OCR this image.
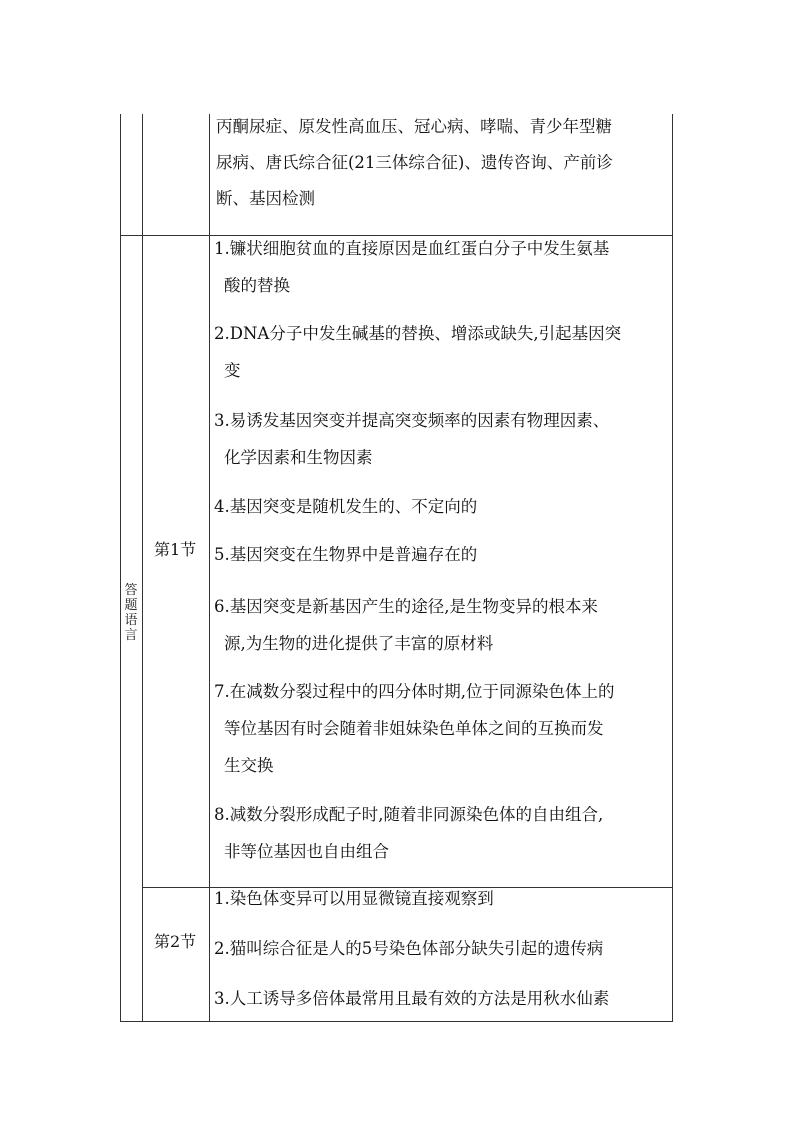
丙酮尿症、原发性高血压、冠心病、哮喘、青少年型糖
尿病、唐氏综合征(21三体综合征)、遗传咨询、产前诊
断、基因检测
答
题
语
言
第1节
1.镰状细胞贫血的直接原因是血红蛋白分子中发生氨基
酸的替换
2.DNA分子中发生碱基的替换、增添或缺失,引起基因突
变
3.易诱发基因突变并提高突变频率的因素有物理因素、
化学因素和生物因素
4.基因突变是随机发生的、不定向的
5.基因突变在生物界中是普遍存在的
6.基因突变是新基因产生的途径,是生物变异的根本来
源,为生物的进化提供了丰富的原材料
7.在减数分裂过程中的四分体时期,位于同源染色体上的
等位基因有时会随着非姐妹染色单体之间的互换而发
生交换
8.减数分裂形成配子时,随着非同源染色体的自由组合,
非等位基因也自由组合
第2节
1.染色体变异可以用显微镜直接观察到
2.猫叫综合征是人的5号染色体部分缺失引起的遗传病
3.人工诱导多倍体最常用且最有效的方法是用秋水仙素
